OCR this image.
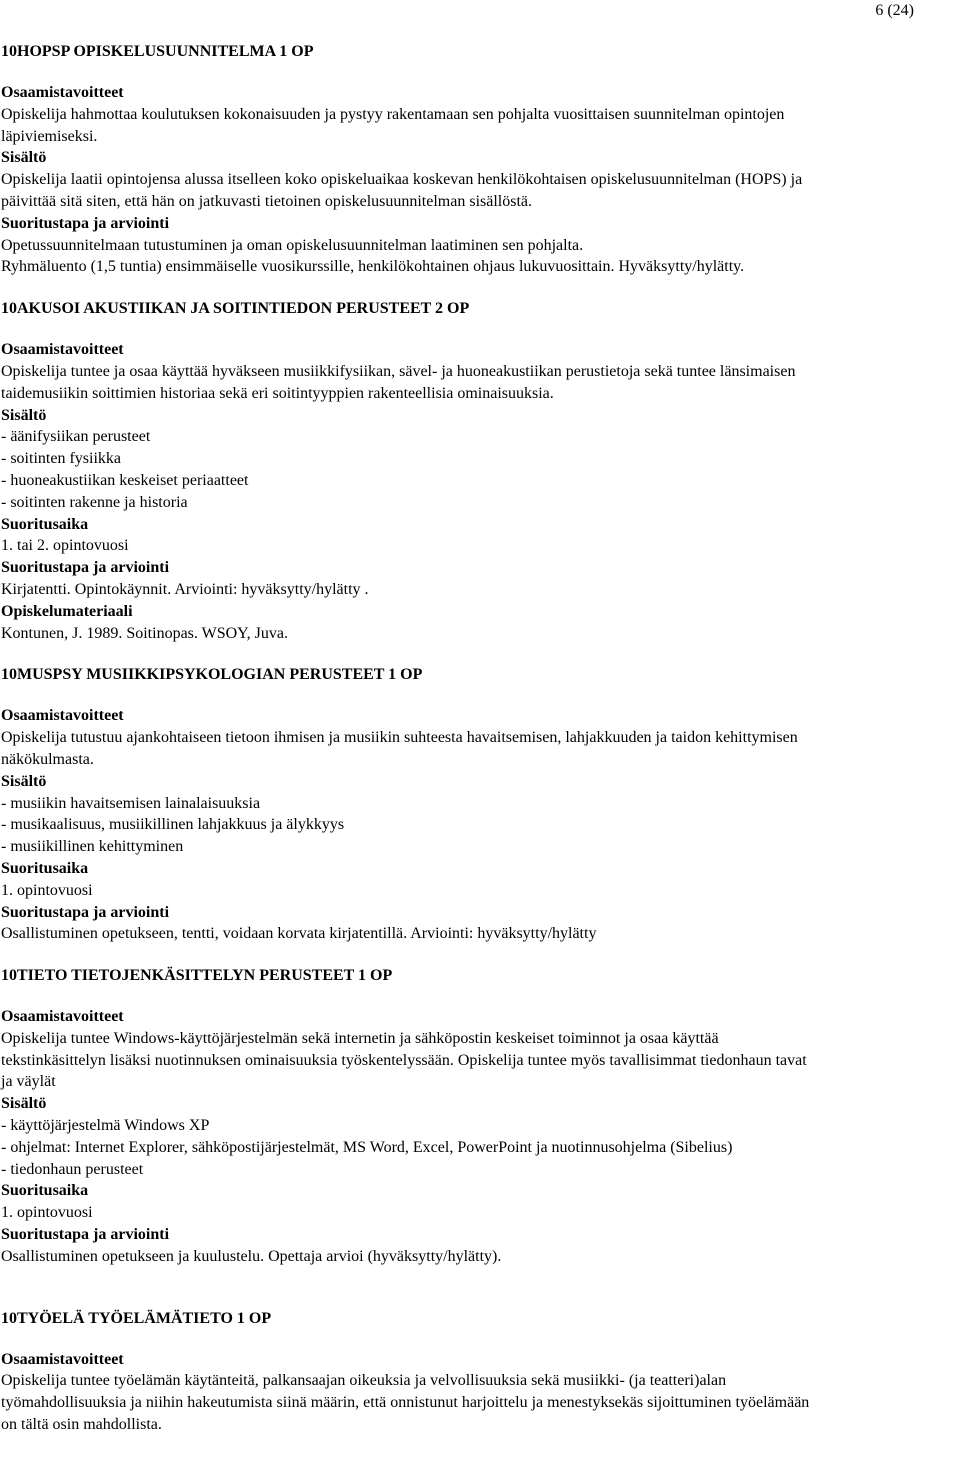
6 (24)
10HOPSP OPISKELUSUUNNITELMA 1 OP
Osaamistavoitteet
Opiskelija hahmottaa koulutuksen kokonaisuuden ja pystyy rakentamaan sen pohjalta vuosittaisen suunnitelman opintojen
läpiviemiseksi.
Sisältö
Opiskelija laatii opintojensa alussa itselleen koko opiskeluaikaa koskevan henkilökohtaisen opiskelusuunnitelman (HOPS) ja
päivittää sitä siten, että hän on jatkuvasti tietoinen opiskelusuunnitelman sisällöstä.
Suoritustapa ja arviointi
Opetussuunnitelmaan tutustuminen ja oman opiskelusuunnitelman laatiminen sen pohjalta.
Ryhmäluento (1,5 tuntia) ensimmäiselle vuosikurssille, henkilökohtainen ohjaus lukuvuosittain. Hyväksytty/hylätty.
10AKUSOI AKUSTIIKAN JA SOITINTIEDON PERUSTEET 2 OP
Osaamistavoitteet
Opiskelija tuntee ja osaa käyttää hyväkseen musiikkifysiikan, sävel- ja huoneakustiikan perustietoja sekä tuntee länsimaisen
taidemusiikin soittimien historiaa sekä eri soitintyyppien rakenteellisia ominaisuuksia.
Sisältö
- äänifysiikan perusteet
- soitinten fysiikka
- huoneakustiikan keskeiset periaatteet
- soitinten rakenne ja historia
Suoritusaika
1. tai 2. opintovuosi
Suoritustapa ja arviointi
Kirjatentti. Opintokäynnit. Arviointi: hyväksytty/hylätty .
Opiskelumateriaali
Kontunen, J. 1989. Soitinopas. WSOY, Juva.
10MUSPSY MUSIIKKIPSYKOLOGIAN PERUSTEET 1 OP
Osaamistavoitteet
Opiskelija tutustuu ajankohtaiseen tietoon ihmisen ja musiikin suhteesta havaitsemisen, lahjakkuuden ja taidon kehittymisen
näkökulmasta.
Sisältö
- musiikin havaitsemisen lainalaisuuksia
- musikaalisuus, musiikillinen lahjakkuus ja älykkyys
- musiikillinen kehittyminen
Suoritusaika
1. opintovuosi
Suoritustapa ja arviointi
Osallistuminen opetukseen, tentti, voidaan korvata kirjatentillä. Arviointi: hyväksytty/hylätty
10TIETO TIETOJENKÄSITTELYN PERUSTEET 1 OP
Osaamistavoitteet
Opiskelija tuntee Windows-käyttöjärjestelmän sekä internetin ja sähköpostin keskeiset toiminnot ja osaa käyttää
tekstinkäsittelyn lisäksi nuotinnuksen ominaisuuksia työskentelyssään. Opiskelija tuntee myös tavallisimmat tiedonhaun tavat
ja väylät
Sisältö
- käyttöjärjestelmä Windows XP
- ohjelmat: Internet Explorer, sähköpostijärjestelmät, MS Word, Excel, PowerPoint ja nuotinnusohjelma (Sibelius)
- tiedonhaun perusteet
Suoritusaika
1. opintovuosi
Suoritustapa ja arviointi
Osallistuminen opetukseen ja kuulustelu. Opettaja arvioi (hyväksytty/hylätty).
10TYÖELÄ TYÖELÄMÄTIETO 1 OP
Osaamistavoitteet
Opiskelija tuntee työelämän käytänteitä, palkansaajan oikeuksia ja velvollisuuksia sekä musiikki- (ja teatteri)alan
työmahdollisuuksia ja niihin hakeutumista siinä määrin, että onnistunut harjoittelu ja menestyksekäs sijoittuminen työelämään
on tältä osin mahdollista.
